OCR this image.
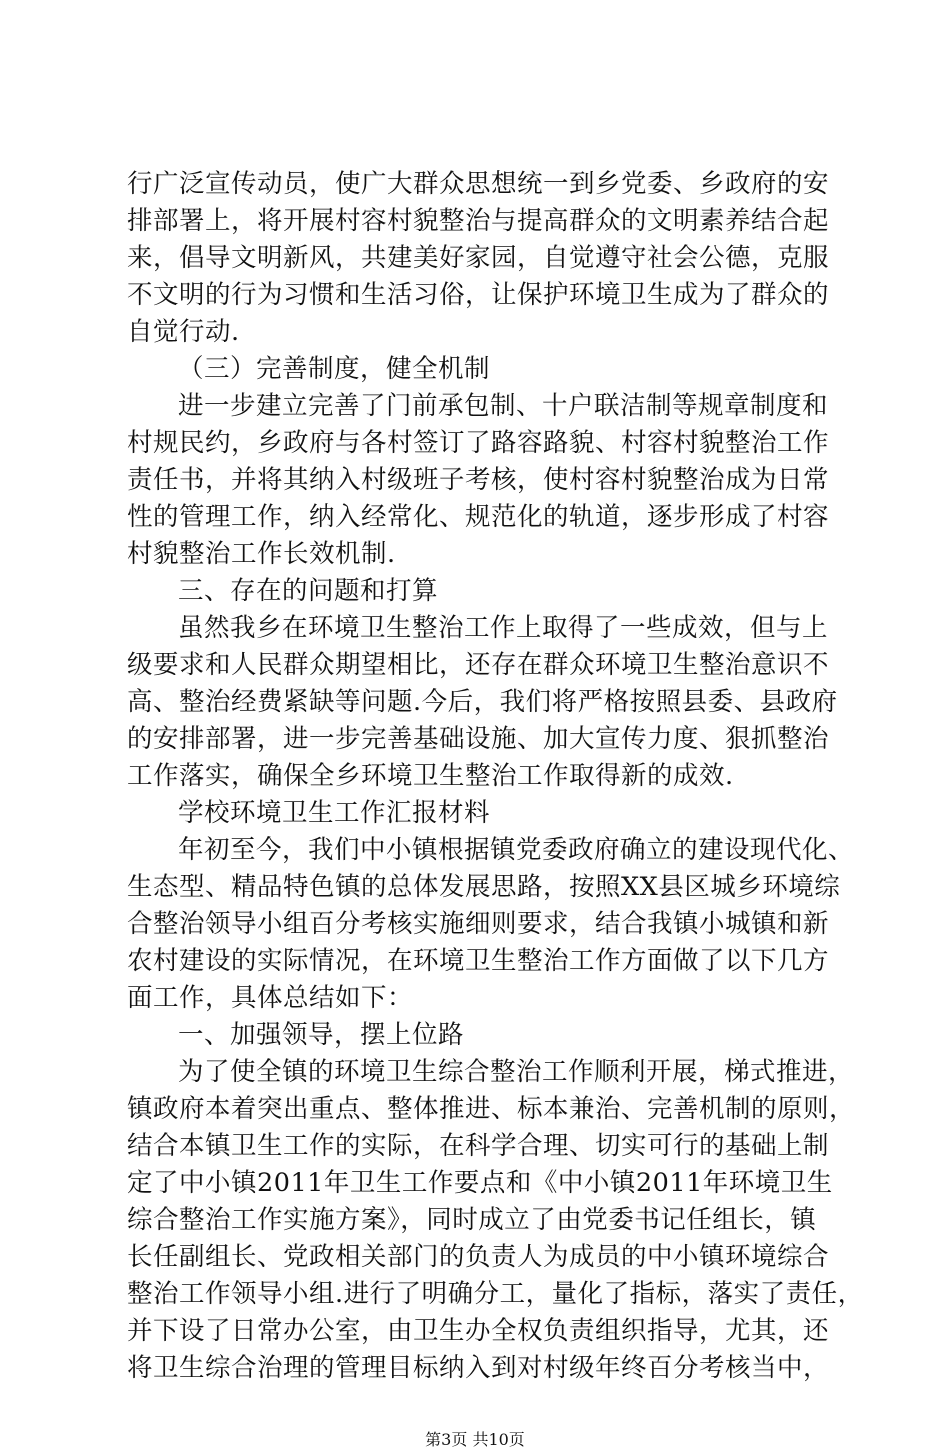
行广泛宣传动员，使广大群众思想统一到乡党委、乡政府的安
排部署上，将开展村容村貌整治与提高群众的文明素养结合起
来，倡导文明新风，共建美好家园，自觉遵守社会公德，克服
不文明的行为习惯和生活习俗，让保护环境卫生成为了群众的
自觉行动.
（三）完善制度，健全机制
进一步建立完善了门前承包制、十户联洁制等规章制度和
村规民约，乡政府与各村签订了路容路貌、村容村貌整治工作
责任书，并将其纳入村级班子考核，使村容村貌整治成为日常
性的管理工作，纳入经常化、规范化的轨道，逐步形成了村容
村貌整治工作长效机制.
三、存在的问题和打算
虽然我乡在环境卫生整治工作上取得了一些成效，但与上
级要求和人民群众期望相比，还存在群众环境卫生整治意识不
高、整治经费紧缺等问题.今后，我们将严格按照县委、县政府
的安排部署，进一步完善基础设施、加大宣传力度、狠抓整治
工作落实，确保全乡环境卫生整治工作取得新的成效.
学校环境卫生工作汇报材料
年初至今，我们中小镇根据镇党委政府确立的建设现代化、
生态型、精品特色镇的总体发展思路，按照XX县区城乡环境综
合整治领导小组百分考核实施细则要求，结合我镇小城镇和新
农村建设的实际情况，在环境卫生整治工作方面做了以下几方
面工作，具体总结如下：
一、加强领导，摆上位路
为了使全镇的环境卫生综合整治工作顺利开展，梯式推进，
镇政府本着突出重点、整体推进、标本兼治、完善机制的原则，
结合本镇卫生工作的实际，在科学合理、切实可行的基础上制
定了中小镇2011年卫生工作要点和《中小镇2011年环境卫生
综合整治工作实施方案》，同时成立了由党委书记任组长，镇
长任副组长、党政相关部门的负责人为成员的中小镇环境综合
整治工作领导小组.进行了明确分工，量化了指标，落实了责任，
并下设了日常办公室，由卫生办全权负责组织指导，尤其，还
将卫生综合治理的管理目标纳入到对村级年终百分考核当中，
第3页 共10页
